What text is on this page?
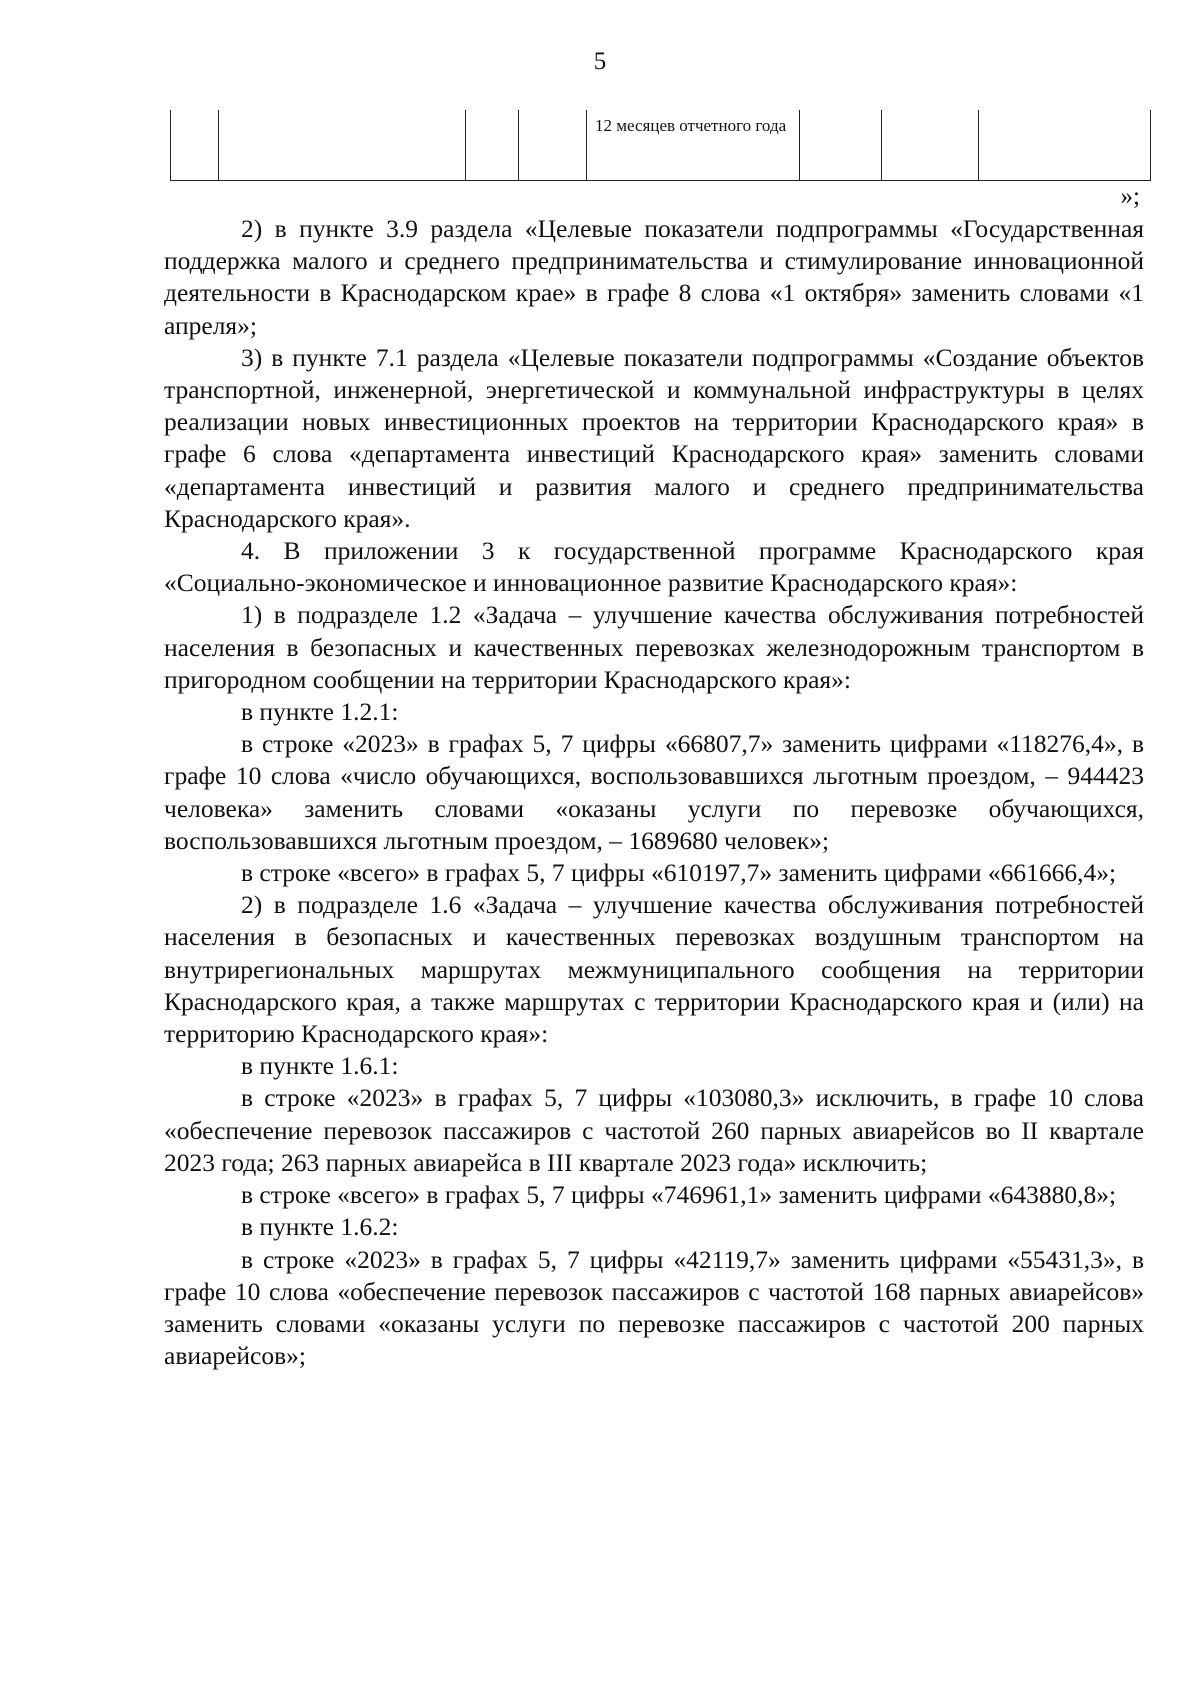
5
				12 месяцев отчетного года			
»;

2) в пункте 3.9 раздела «Целевые показатели подпрограммы «Государственная поддержка малого и среднего предпринимательства и стимулирование инновационной деятельности в Краснодарском крае» в графе 8 слова «1 октября» заменить словами «1 апреля»;

3) в пункте 7.1 раздела «Целевые показатели подпрограммы «Создание объектов транспортной, инженерной, энергетической и коммунальной инфраструктуры в целях реализации новых инвестиционных проектов на территории Краснодарского края» в графе 6 слова «департамента инвестиций Краснодарского края» заменить словами «департамента инвестиций и развития малого и среднего предпринимательства Краснодарского края».

4. В приложении 3 к государственной программе Краснодарского края «Социально-экономическое и инновационное развитие Краснодарского края»:

1) в подразделе 1.2 «Задача – улучшение качества обслуживания потребностей населения в безопасных и качественных перевозках железнодорожным транспортом в пригородном сообщении на территории Краснодарского края»:

в пункте 1.2.1:

в строке «2023» в графах 5, 7 цифры «66807,7» заменить цифрами «118276,4», в графе 10 слова «число обучающихся, воспользовавшихся льготным проездом, – 944423 человека» заменить словами «оказаны услуги по перевозке обучающихся, воспользовавшихся льготным проездом, – 1689680 человек»;

в строке «всего» в графах 5, 7 цифры «610197,7» заменить цифрами «661666,4»;

2) в подразделе 1.6 «Задача – улучшение качества обслуживания потребностей населения в безопасных и качественных перевозках воздушным транспортом на внутрирегиональных маршрутах межмуниципального сообщения на территории Краснодарского края, а также маршрутах с территории Краснодарского края и (или) на территорию Краснодарского края»:

в пункте 1.6.1:

в строке «2023» в графах 5, 7 цифры «103080,3» исключить, в графе 10 слова «обеспечение перевозок пассажиров с частотой 260 парных авиарейсов во II квартале 2023 года; 263 парных авиарейса в III квартале 2023 года» исключить;

в строке «всего» в графах 5, 7 цифры «746961,1» заменить цифрами «643880,8»;

в пункте 1.6.2:

в строке «2023» в графах 5, 7 цифры «42119,7» заменить цифрами «55431,3», в графе 10 слова «обеспечение перевозок пассажиров с частотой 168 парных авиарейсов» заменить словами «оказаны услуги по перевозке пассажиров с частотой 200 парных авиарейсов»;
